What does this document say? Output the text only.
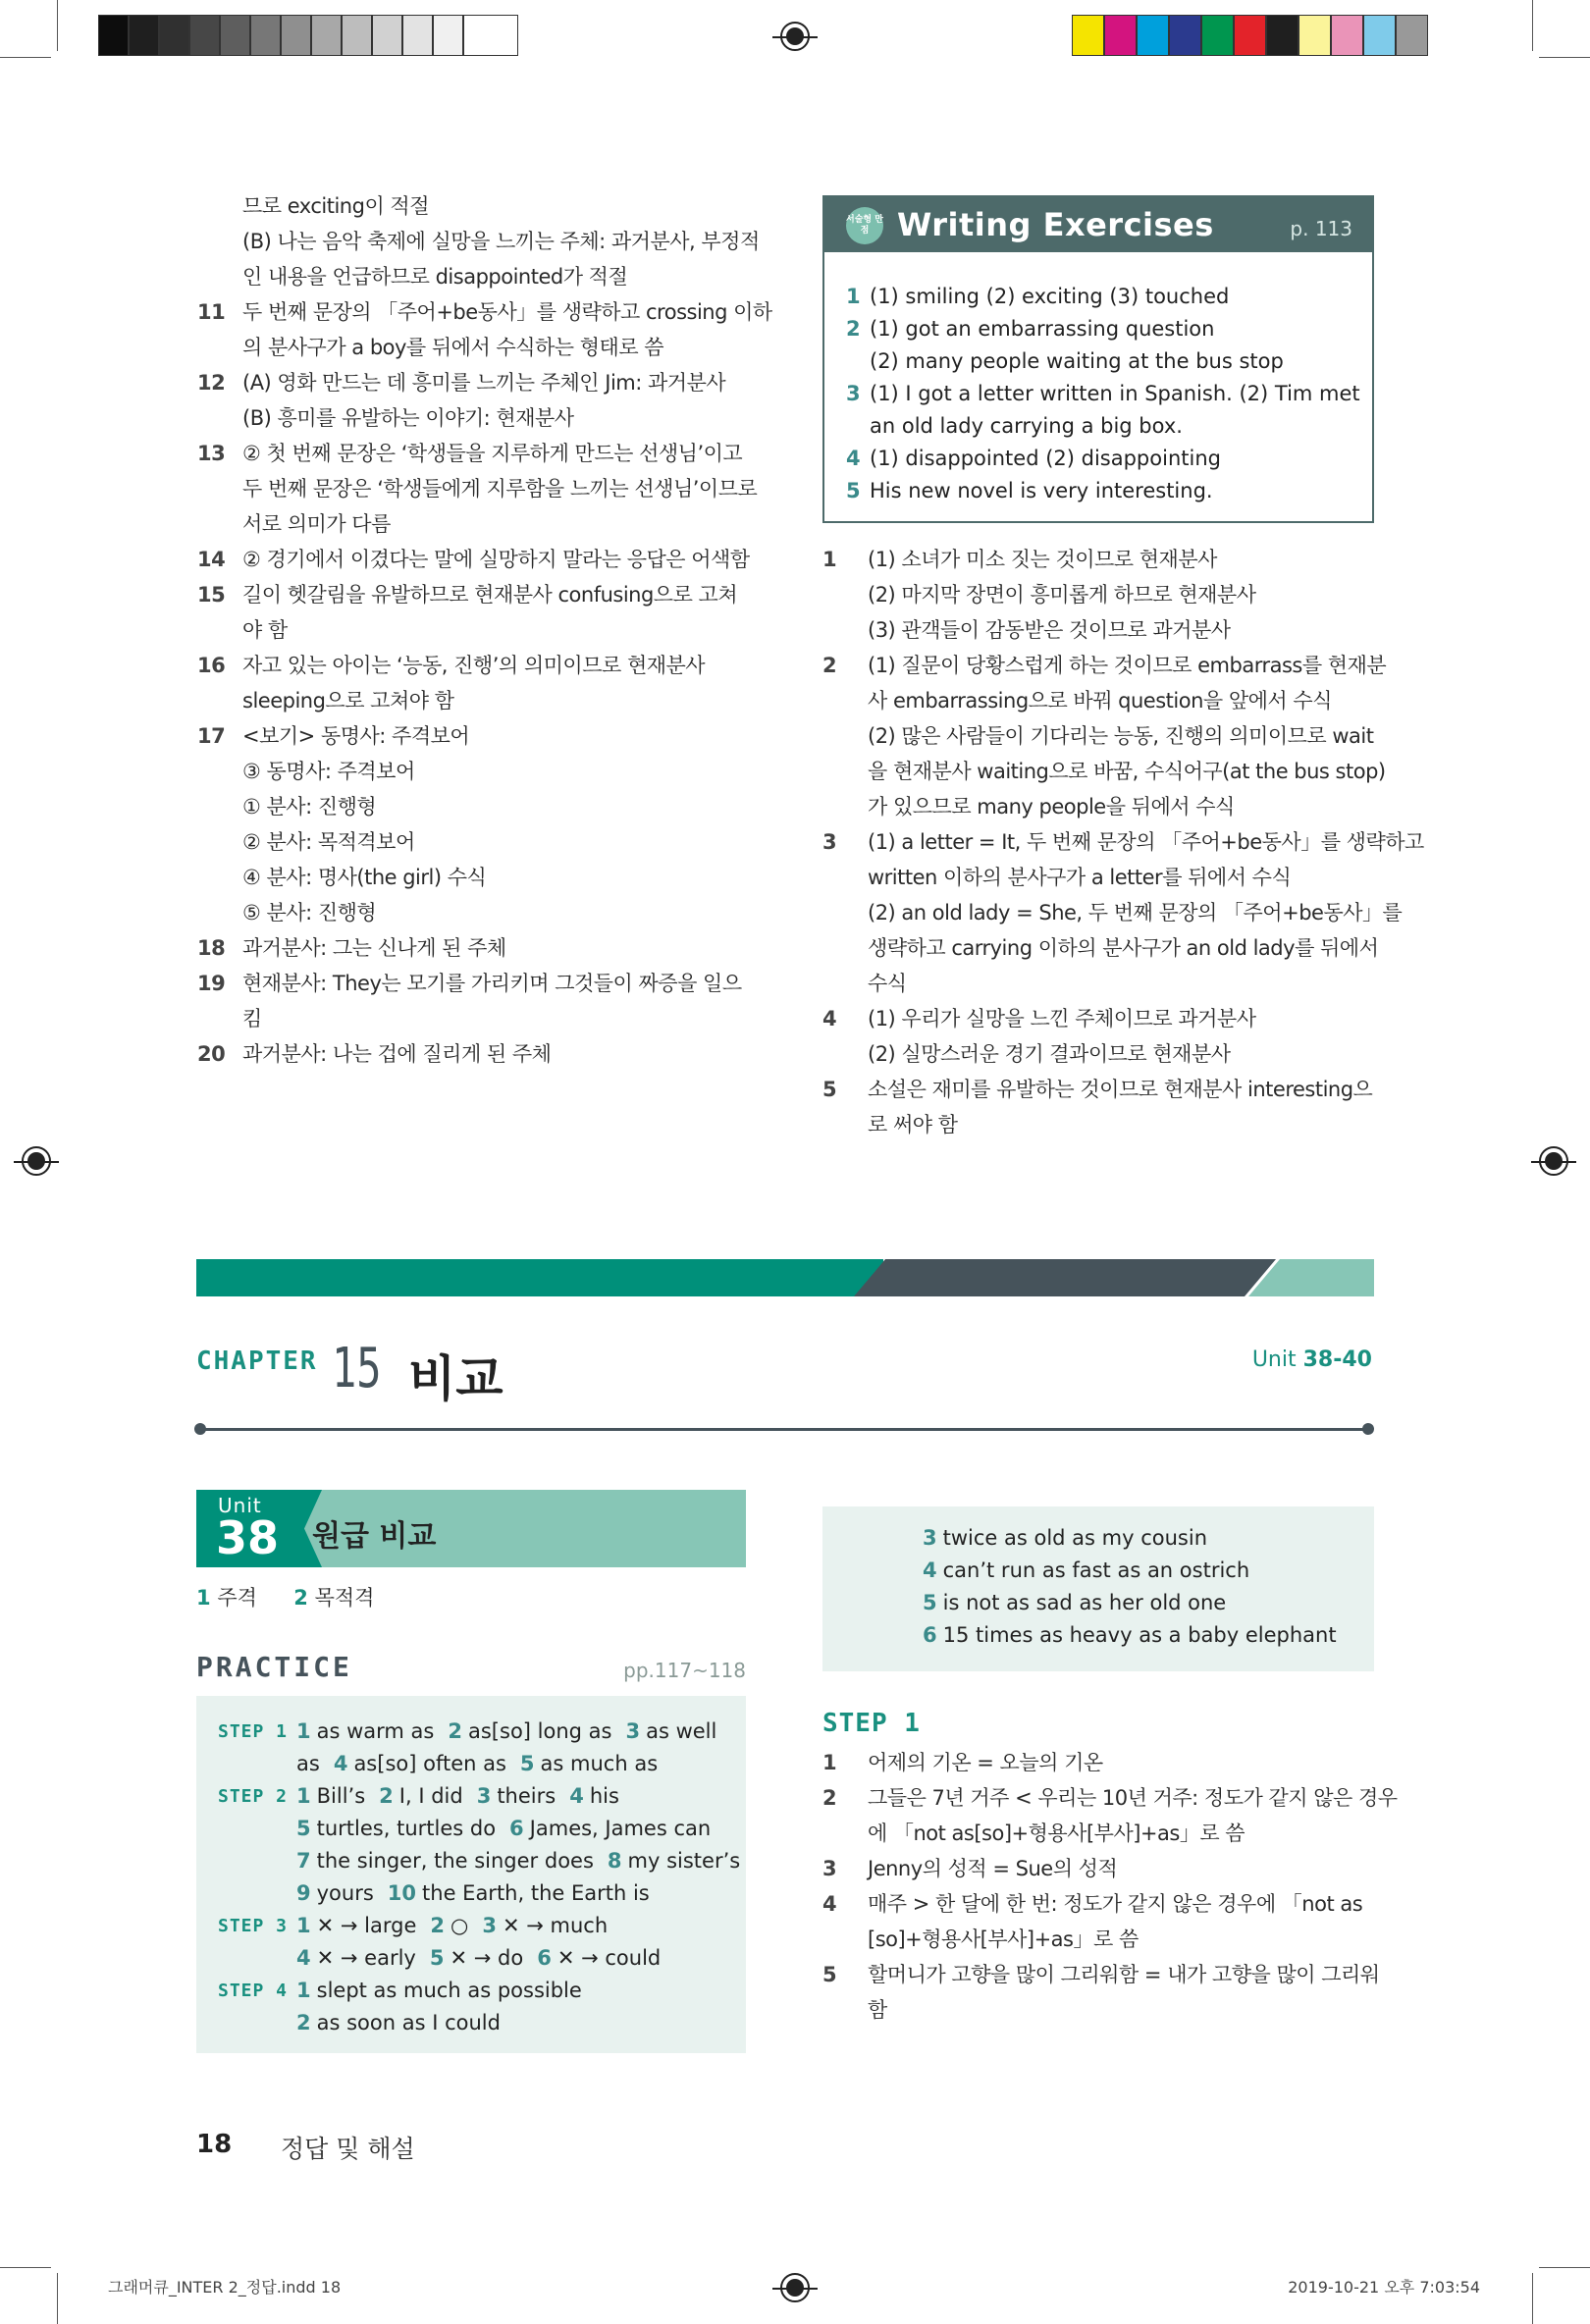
므로 exciting이 적절

(B) 나는 음악 축제에 실망을 느끼는 주체: 과거분사, 부정적

인 내용을 언급하므로 disappointed가 적절

11 두 번째 문장의 「주어+be동사」를 생략하고 crossing 이하

의 분사구가 a boy를 뒤에서 수식하는 형태로 씀

12 (A) 영화 만드는 데 흥미를 느끼는 주체인 Jim: 과거분사

(B) 흥미를 유발하는 이야기: 현재분사

13 ② 첫 번째 문장은 ‘학생들을 지루하게 만드는 선생님’이고

두 번째 문장은 ‘학생들에게 지루함을 느끼는 선생님’이므로

서로 의미가 다름

14 ② 경기에서 이겼다는 말에 실망하지 말라는 응답은 어색함

15 길이 헷갈림을 유발하므로 현재분사 confusing으로 고쳐

야 함

16 자고 있는 아이는 ‘능동, 진행’의 의미이므로 현재분사

sleeping으로 고쳐야 함

17 <보기> 동명사: 주격보어

③ 동명사: 주격보어

① 분사: 진행형

② 분사: 목적격보어

④ 분사: 명사(the girl) 수식

⑤ 분사: 진행형

18 과거분사: 그는 신나게 된 주체

19 현재분사: They는 모기를 가리키며 그것들이 짜증을 일으

킴

20 과거분사: 나는 겁에 질리게 된 주체

서술형 만점 Writing Exercises	p. 113
1 (1) smiling (2) exciting (3) touched
2 (1) got an embarrassing question
(2) many people waiting at the bus stop
3 (1) I got a letter written in Spanish. (2) Tim met
an old lady carrying a big box.
4 (1) disappointed (2) disappointing
5 His new novel is very interesting.

1 (1) 소녀가 미소 짓는 것이므로 현재분사

(2) 마지막 장면이 흥미롭게 하므로 현재분사

(3) 관객들이 감동받은 것이므로 과거분사

2 (1) 질문이 당황스럽게 하는 것이므로 embarrass를 현재분

사 embarrassing으로 바꿔 question을 앞에서 수식

(2) 많은 사람들이 기다리는 능동, 진행의 의미이므로 wait

을 현재분사 waiting으로 바꿈, 수식어구(at the bus stop)

가 있으므로 many people을 뒤에서 수식

3 (1) a letter = It, 두 번째 문장의 「주어+be동사」를 생략하고

written 이하의 분사구가 a letter를 뒤에서 수식

(2) an old lady = She, 두 번째 문장의 「주어+be동사」를

생략하고 carrying 이하의 분사구가 an old lady를 뒤에서

수식

4 (1) 우리가 실망을 느낀 주체이므로 과거분사

(2) 실망스러운 경기 결과이므로 현재분사

5 소설은 재미를 유발하는 것이므로 현재분사 interesting으

로 써야 함

CHAPTER 15 비교	Unit 38-40
Unit
38 원급 비교
1 주격 2 목적격
PRACTICE	pp.117~118
STEP 1 1 as warm as 2 as[so] long as 3 as well
as 4 as[so] often as 5 as much as
STEP 2 1 Bill’s 2 I, I did 3 theirs 4 his
5 turtles, turtles do 6 James, James can
7 the singer, the singer does 8 my sister’s
9 yours 10 the Earth, the Earth is
STEP 3 1 ✕ → large 2 ○ 3 ✕ → much
4 ✕ → early 5 ✕ → do 6 ✕ → could
STEP 4 1 slept as much as possible
2 as soon as I could
3 twice as old as my cousin
4 can’t run as fast as an ostrich
5 is not as sad as her old one
6 15 times as heavy as a baby elephant
STEP 1

1 어제의 기온 = 오늘의 기온

2 그들은 7년 거주 < 우리는 10년 거주: 정도가 같지 않은 경우

에 「not as[so]+형용사[부사]+as」로 씀

3 Jenny의 성적 = Sue의 성적

4 매주 > 한 달에 한 번: 정도가 같지 않은 경우에 「not as

[so]+형용사[부사]+as」로 씀

5 할머니가 고향을 많이 그리워함 = 내가 고향을 많이 그리워

함

18 정답 및 해설
그래머큐_INTER 2_정답.indd 18	2019-10-21 오후 7:03:54
